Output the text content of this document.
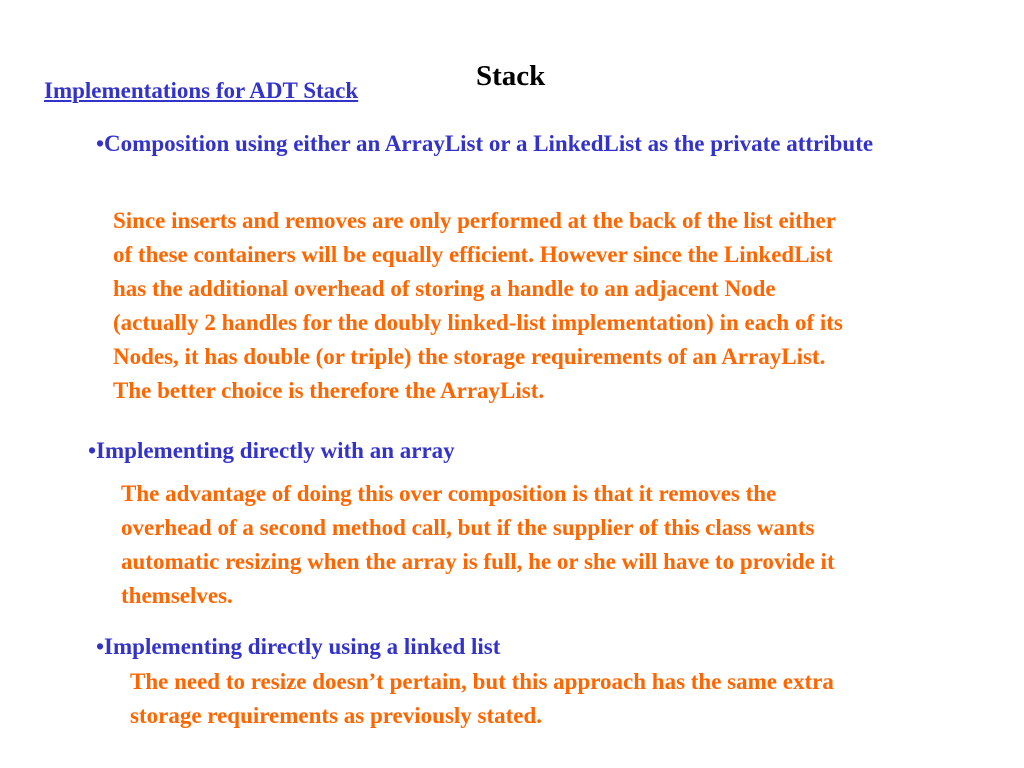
Stack
Implementations for ADT Stack
•Composition using either an ArrayList or a LinkedList as the private attribute
Since inserts and removes are only performed at the back of the list either
of these containers will be equally efficient. However since the LinkedList
has the additional overhead of storing a handle to an adjacent Node
(actually 2 handles for the doubly linked-list implementation) in each of its
Nodes, it has double (or triple) the storage requirements of an ArrayList.
The better choice is therefore the ArrayList.
•Implementing directly with an array
The advantage of doing this over composition is that it removes the
overhead of a second method call, but if the supplier of this class wants
automatic resizing when the array is full, he or she will have to provide it
themselves.
•Implementing directly using a linked list
The need to resize doesn’t pertain, but this approach has the same extra
storage requirements as previously stated.
